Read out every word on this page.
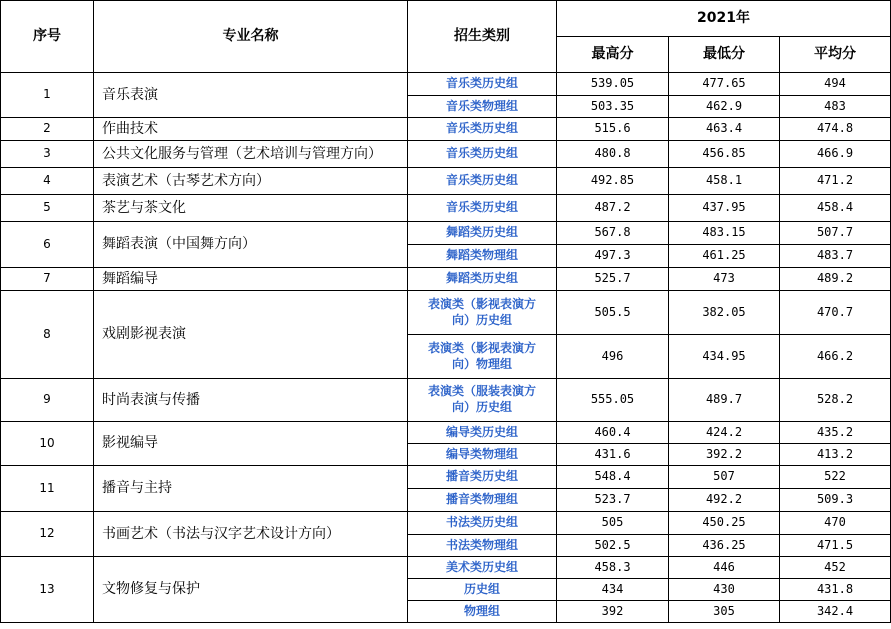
序号	专业名称	招生类别	2021年		
			最高分	最低分	平均分
1	音乐表演	音乐类历史组	539.05	477.65	494
		音乐类物理组	503.35	462.9	483
2	作曲技术	音乐类历史组	515.6	463.4	474.8
3	公共文化服务与管理（艺术培训与管理方向）	音乐类历史组	480.8	456.85	466.9
4	表演艺术（古琴艺术方向）	音乐类历史组	492.85	458.1	471.2
5	茶艺与茶文化	音乐类历史组	487.2	437.95	458.4
6	舞蹈表演（中国舞方向）	舞蹈类历史组	567.8	483.15	507.7
		舞蹈类物理组	497.3	461.25	483.7
7	舞蹈编导	舞蹈类历史组	525.7	473	489.2
8	戏剧影视表演	表演类（影视表演方向）历史组	505.5	382.05	470.7
		表演类（影视表演方向）物理组	496	434.95	466.2
9	时尚表演与传播	表演类（服装表演方向）历史组	555.05	489.7	528.2
10	影视编导	编导类历史组	460.4	424.2	435.2
		编导类物理组	431.6	392.2	413.2
11	播音与主持	播音类历史组	548.4	507	522
		播音类物理组	523.7	492.2	509.3
12	书画艺术（书法与汉字艺术设计方向）	书法类历史组	505	450.25	470
		书法类物理组	502.5	436.25	471.5
13	文物修复与保护	美术类历史组	458.3	446	452
		历史组	434	430	431.8
		物理组	392	305	342.4
